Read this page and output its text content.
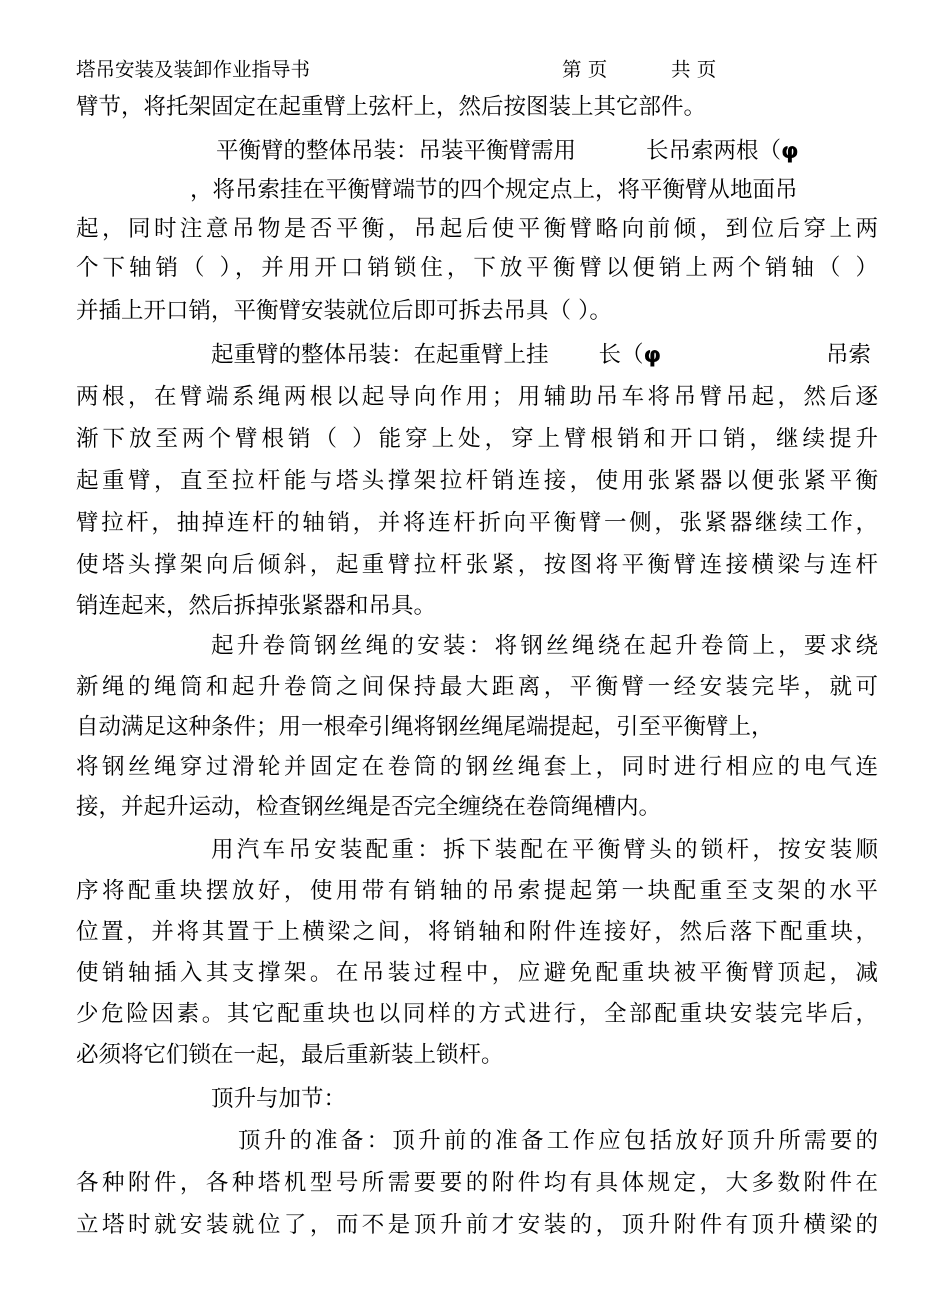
塔吊安装及装卸作业指导书	第 页	共 页
臂节，将托架固定在起重臂上弦杆上，然后按图装上其它部件。
平衡臂的整体吊装：吊装平衡臂需用	长吊索两根（φ
，将吊索挂在平衡臂端节的四个规定点上，将平衡臂从地面吊
起，同时注意吊物是否平衡，吊起后使平衡臂略向前倾，到位后穿上两
个下轴销（ ），并用开口销锁住，下放平衡臂以便销上两个销轴（ ）
并插上开口销，平衡臂安装就位后即可拆去吊具（ ）。
起重臂的整体吊装：在起重臂上挂 长（φ	吊索
两根，在臂端系绳两根以起导向作用；用辅助吊车将吊臂吊起，然后逐
渐下放至两个臂根销（ ）能穿上处，穿上臂根销和开口销，继续提升
起重臂，直至拉杆能与塔头撑架拉杆销连接，使用张紧器以便张紧平衡
臂拉杆，抽掉连杆的轴销，并将连杆折向平衡臂一侧，张紧器继续工作，
使塔头撑架向后倾斜，起重臂拉杆张紧，按图将平衡臂连接横梁与连杆
销连起来，然后拆掉张紧器和吊具。
起升卷筒钢丝绳的安装：将钢丝绳绕在起升卷筒上，要求绕
新绳的绳筒和起升卷筒之间保持最大距离，平衡臂一经安装完毕，就可
自动满足这种条件；用一根牵引绳将钢丝绳尾端提起，引至平衡臂上，
将钢丝绳穿过滑轮并固定在卷筒的钢丝绳套上，同时进行相应的电气连
接，并起升运动，检查钢丝绳是否完全缠绕在卷筒绳槽内。
用汽车吊安装配重：拆下装配在平衡臂头的锁杆，按安装顺
序将配重块摆放好，使用带有销轴的吊索提起第一块配重至支架的水平
位置，并将其置于上横梁之间，将销轴和附件连接好，然后落下配重块，
使销轴插入其支撑架。在吊装过程中，应避免配重块被平衡臂顶起，减
少危险因素。其它配重块也以同样的方式进行，全部配重块安装完毕后，
必须将它们锁在一起，最后重新装上锁杆。
顶升与加节：
顶升的准备：顶升前的准备工作应包括放好顶升所需要的
各种附件，各种塔机型号所需要要的附件均有具体规定，大多数附件在
立塔时就安装就位了，而不是顶升前才安装的，顶升附件有顶升横梁的
